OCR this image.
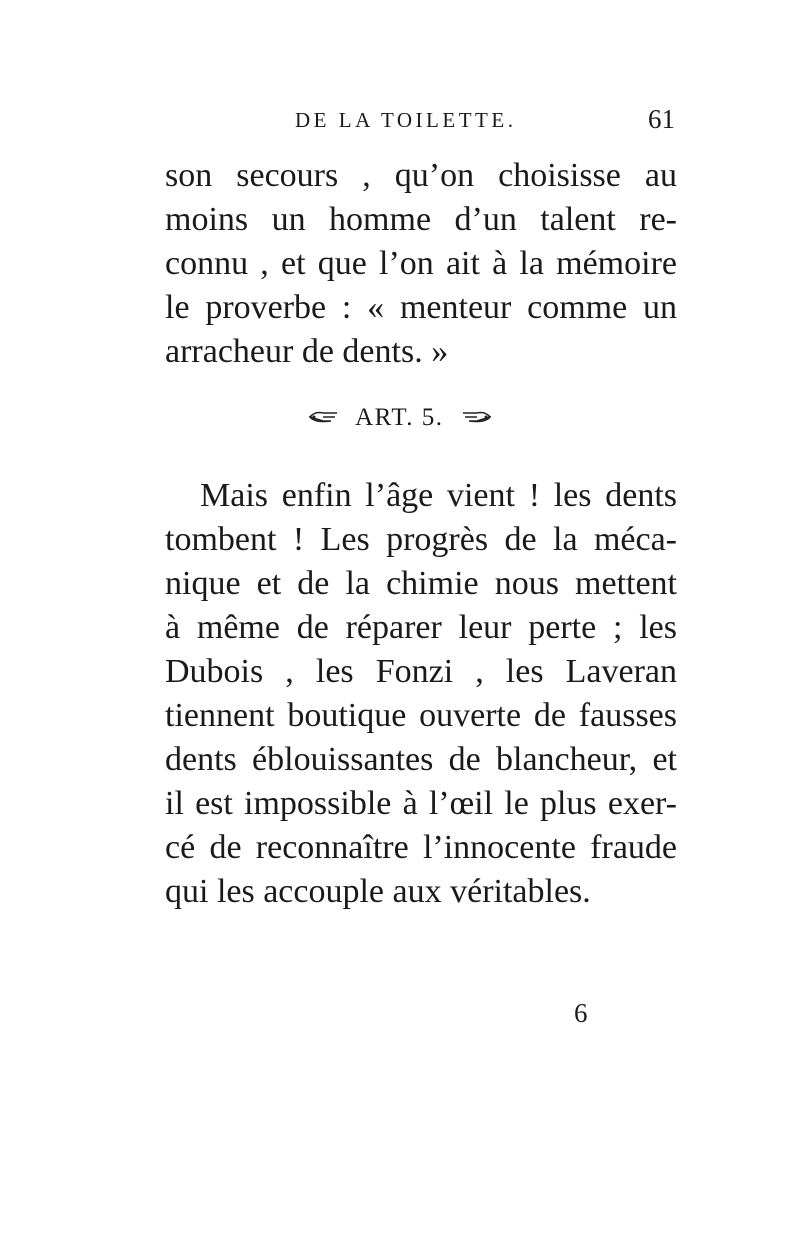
DE LA TOILETTE.	61
son secours , qu’on choisisse au
moins un homme d’un talent re-
connu , et que l’on ait à la mémoire
le proverbe : « menteur comme un
arracheur de dents. »
ART. 5.
Mais enfin l’âge vient ! les dents
tombent ! Les progrès de la méca-
nique et de la chimie nous mettent
à même de réparer leur perte ; les
Dubois , les Fonzi , les Laveran
tiennent boutique ouverte de fausses
dents éblouissantes de blancheur, et
il est impossible à l’œil le plus exer-
cé de reconnaître l’innocente fraude
qui les accouple aux véritables.
6
